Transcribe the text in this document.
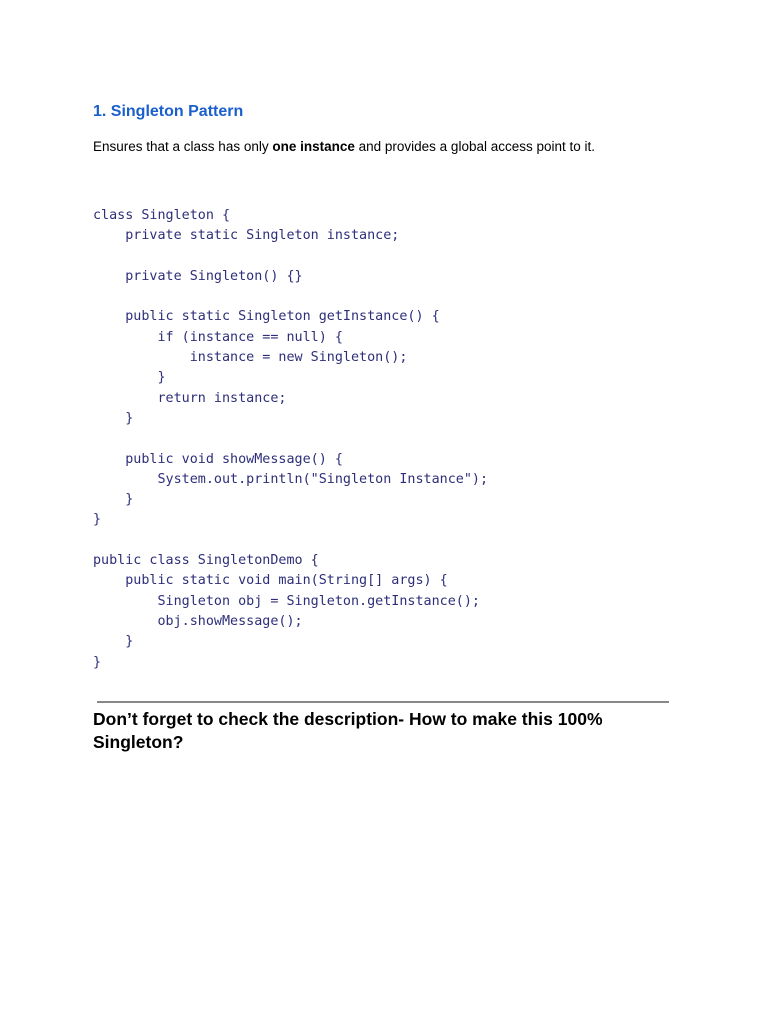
1. Singleton Pattern

Ensures that a class has only one instance and provides a global access point to it.

class Singleton {
private static Singleton instance;
private Singleton() {}
public static Singleton getInstance() {
if (instance == null) {
instance = new Singleton();
}
return instance;
}
public void showMessage() {
System.out.println("Singleton Instance");
}
}
public class SingletonDemo {
public static void main(String[] args) {
Singleton obj = Singleton.getInstance();
obj.showMessage();
}
}

Don’t forget to check the description- How to make this 100% Singleton?
